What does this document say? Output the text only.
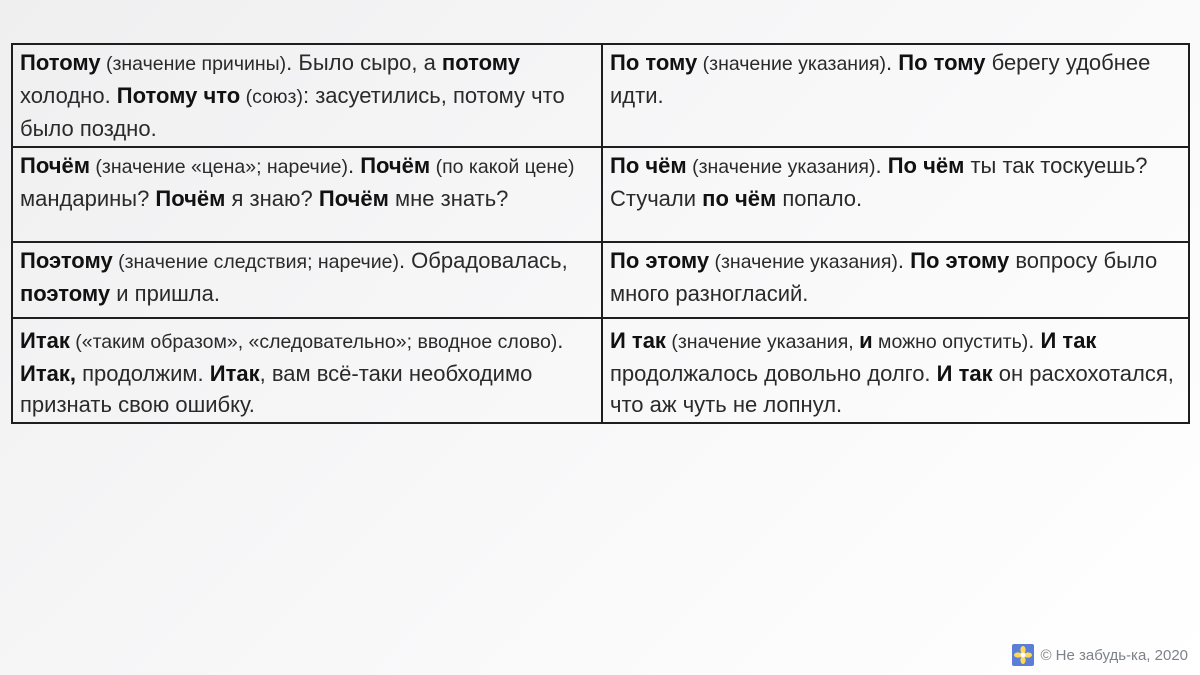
Потому (значение причины). Было сыро, а потому холодно. Потому что (союз): засуетились, потому что было поздно.	По тому (значение указания). По тому берегу удобнее идти.
Почём (значение «цена»; наречие). Почём (по какой цене) мандарины? Почём я знаю? Почём мне знать?	По чём (значение указания). По чём ты так тоскуешь? Стучали по чём попало.
Поэтому (значение следствия; наречие). Обрадовалась, поэтому и пришла.	По этому (значение указания). По этому вопросу было много разногласий.
Итак («таким образом», «следовательно»; вводное слово). Итак, продолжим. Итак, вам всё-таки необходимо признать свою ошибку.	И так (значение указания, и можно опустить). И так продолжалось довольно долго. И так он расхохотался, что аж чуть не лопнул.
© Не забудь-ка, 2020
